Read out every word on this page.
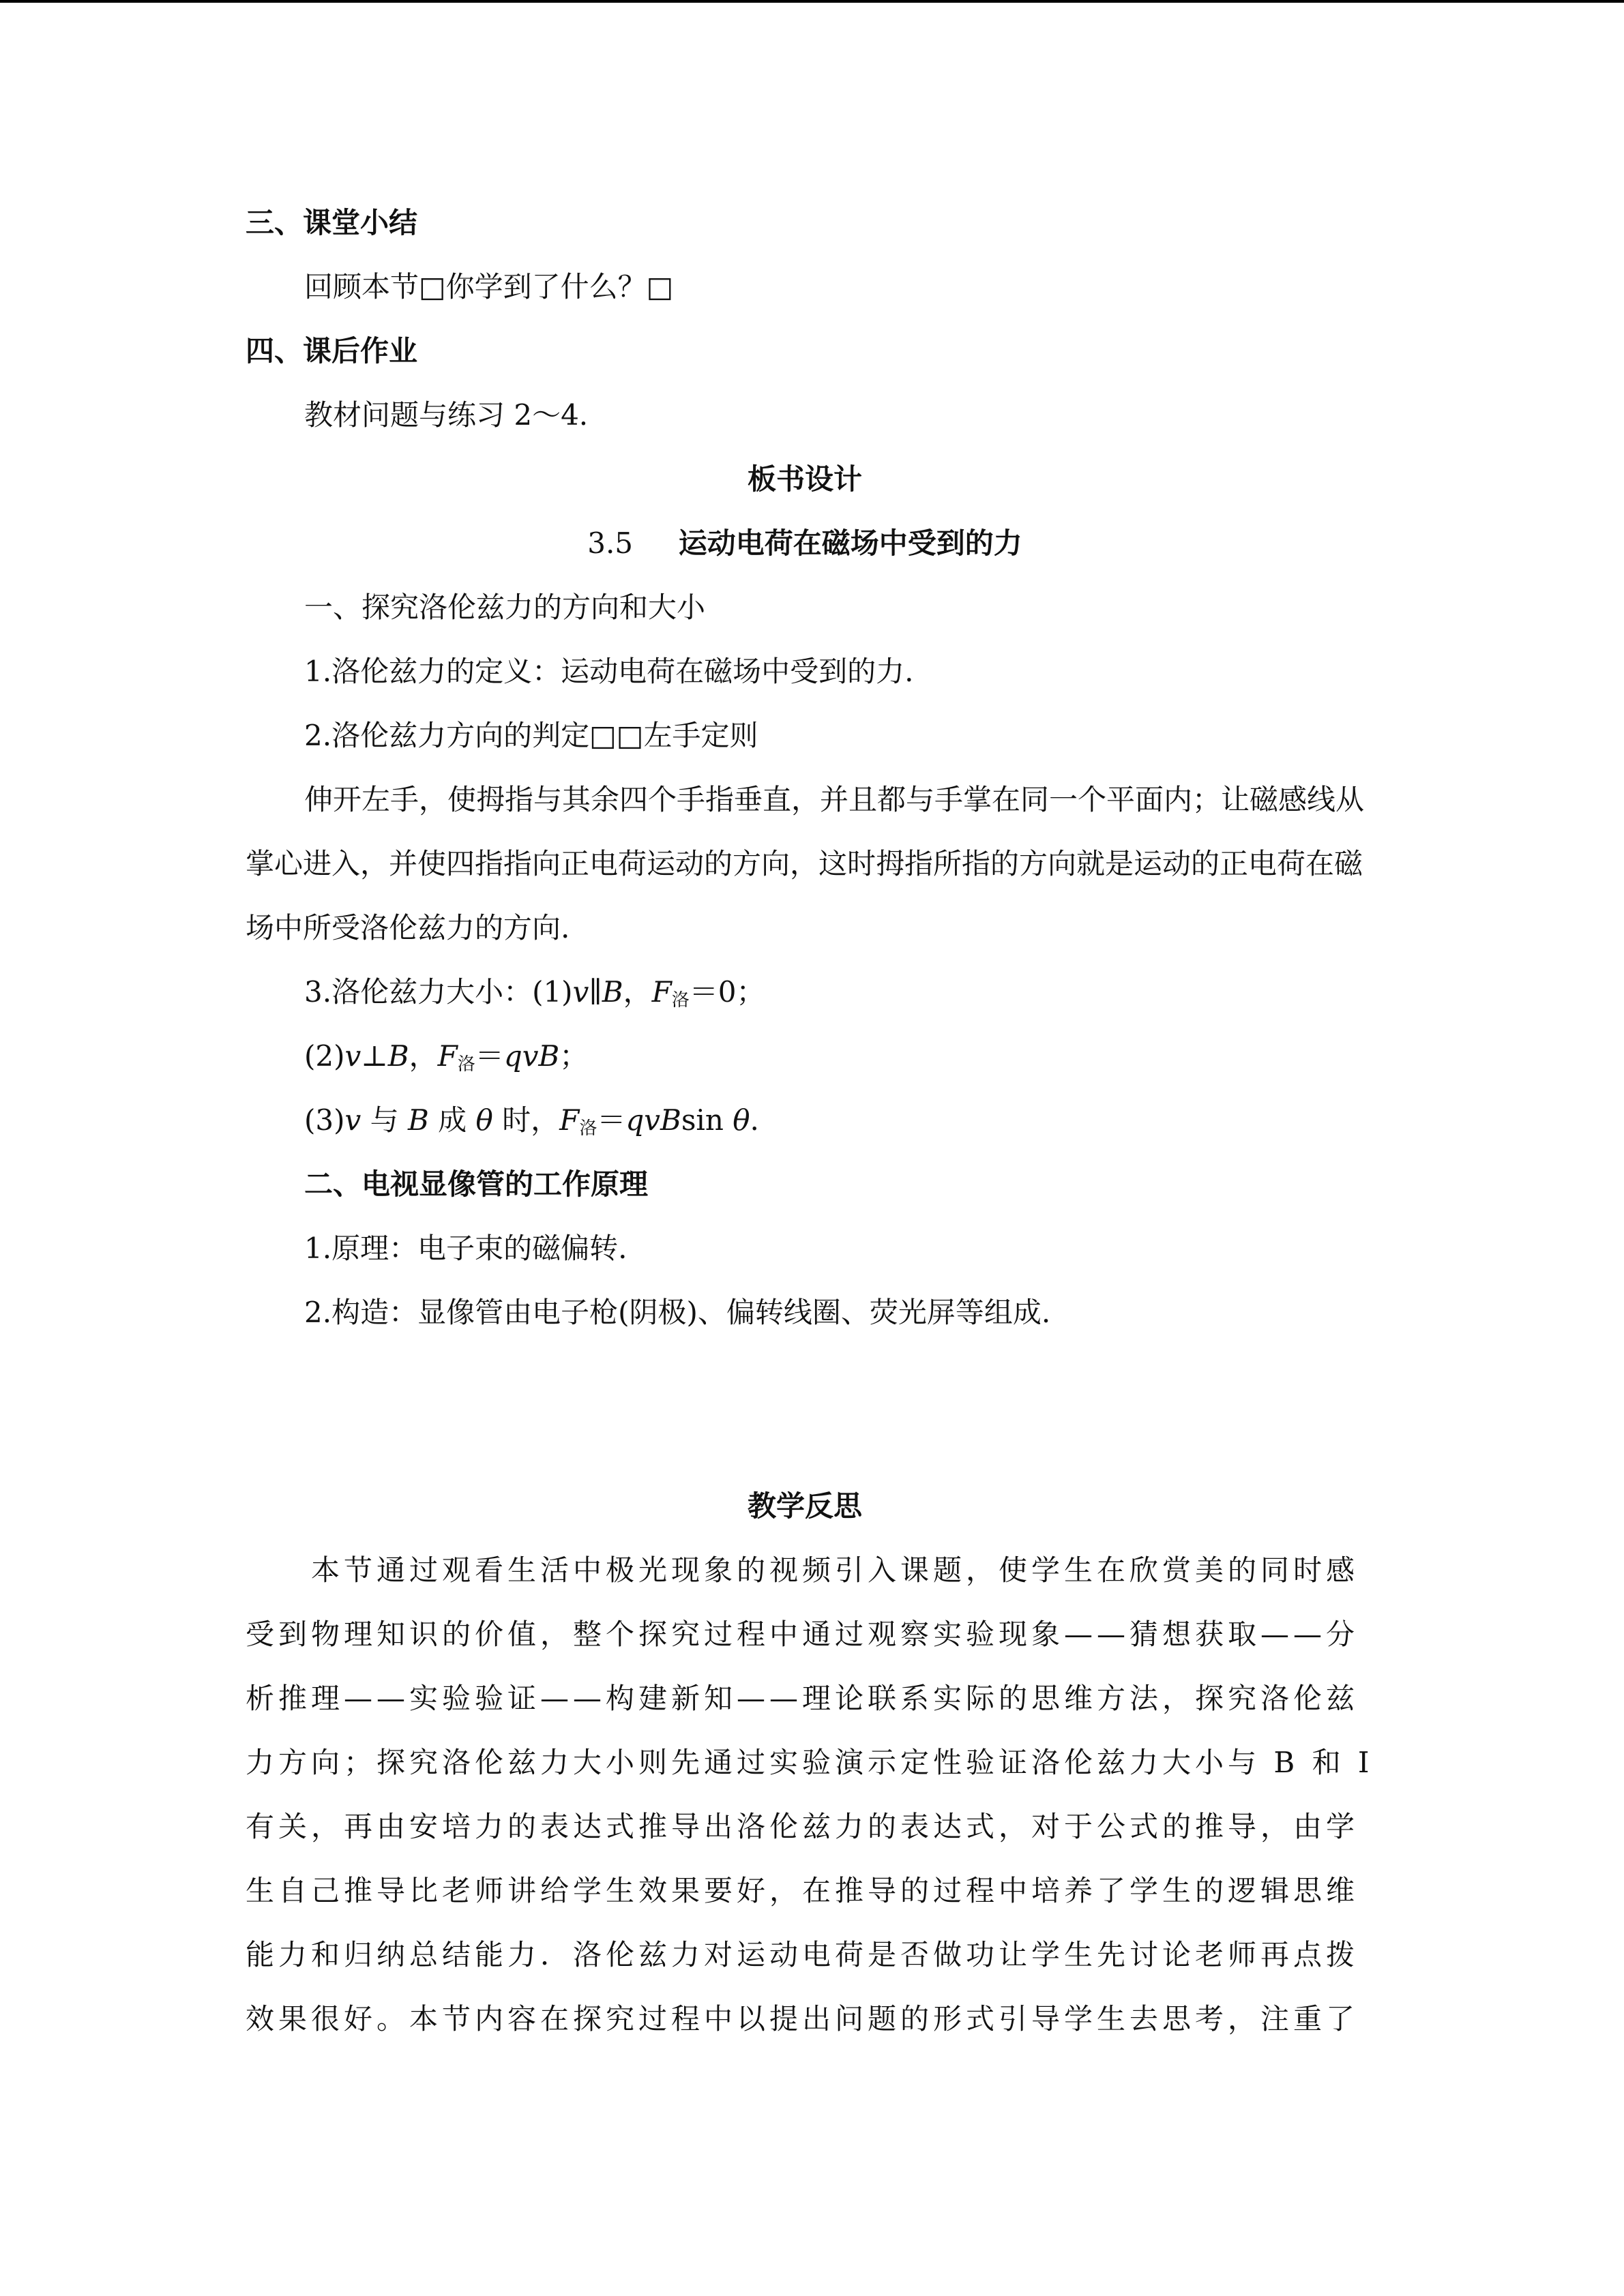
三、课堂小结
回顾本节□你学到了什么？□
四、课后作业
教材问题与练习 2～4.
板书设计
3.5 运动电荷在磁场中受到的力
一、探究洛伦兹力的方向和大小
1.洛伦兹力的定义：运动电荷在磁场中受到的力.
2.洛伦兹力方向的判定□□左手定则
伸开左手，使拇指与其余四个手指垂直，并且都与手掌在同一个平面内；让磁感线从
掌心进入，并使四指指向正电荷运动的方向，这时拇指所指的方向就是运动的正电荷在磁
场中所受洛伦兹力的方向.
3.洛伦兹力大小：(1)v∥B，$F_洛=0$；
(2)v⊥B，$F_洛=qvB$；
(3)v 与 B 成 θ 时，$F_洛=qvBsin$ θ.
二、电视显像管的工作原理
1.原理：电子束的磁偏转.
2.构造：显像管由电子枪(阴极)、偏转线圈、荧光屏等组成.
教学反思
本节通过观看生活中极光现象的视频引入课题，使学生在欣赏美的同时感
受到物理知识的价值，整个探究过程中通过观察实验现象——猜想获取——分
析推理——实验验证——构建新知——理论联系实际的思维方法，探究洛伦兹
力方向；探究洛伦兹力大小则先通过实验演示定性验证洛伦兹力大小与 B 和 I
有关，再由安培力的表达式推导出洛伦兹力的表达式，对于公式的推导，由学
生自己推导比老师讲给学生效果要好，在推导的过程中培养了学生的逻辑思维
能力和归纳总结能力．洛伦兹力对运动电荷是否做功让学生先讨论老师再点拨
效果很好。本节内容在探究过程中以提出问题的形式引导学生去思考，注重了
